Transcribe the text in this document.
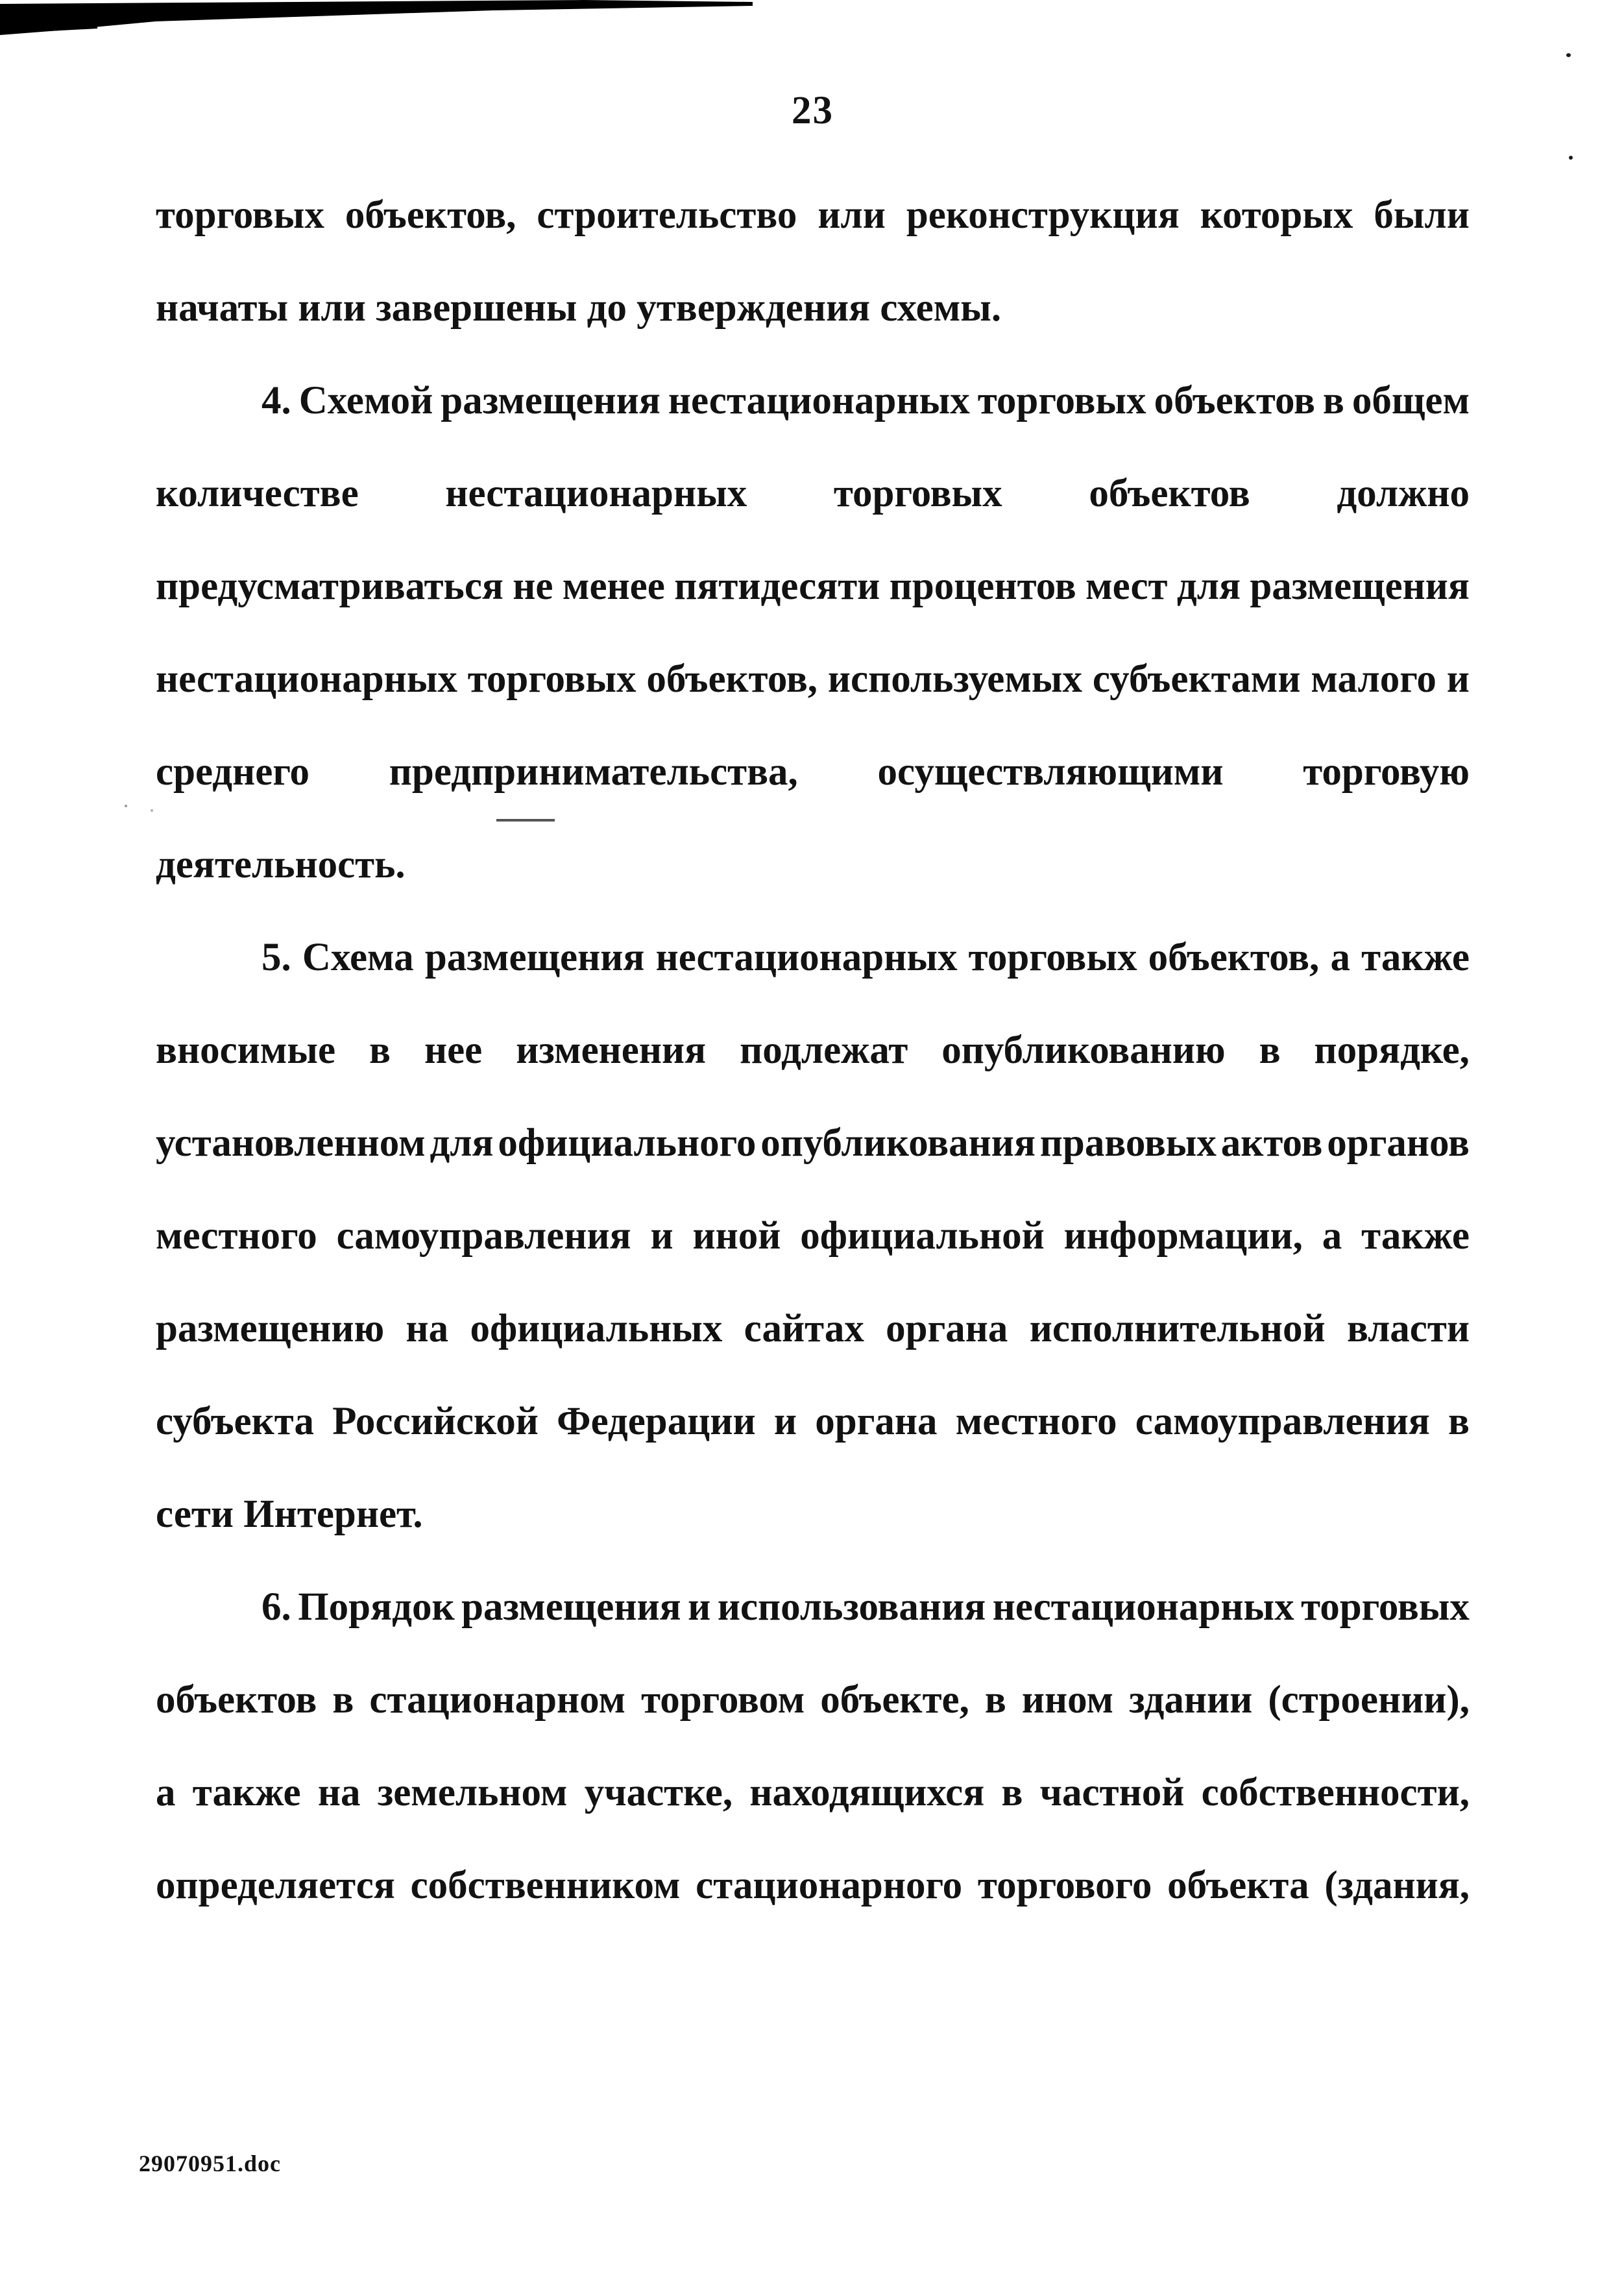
23
торговых объектов, строительство или реконструкция которых были
начаты или завершены до утверждения схемы.
4. Схемой размещения нестационарных торговых объектов в общем
количестве нестационарных торговых объектов должно
предусматриваться не менее пятидесяти процентов мест для размещения
нестационарных торговых объектов, используемых субъектами малого и
среднего предпринимательства, осуществляющими торговую
деятельность.
5. Схема размещения нестационарных торговых объектов, а также
вносимые в нее изменения подлежат опубликованию в порядке,
установленном для официального опубликования правовых актов органов
местного самоуправления и иной официальной информации, а также
размещению на официальных сайтах органа исполнительной власти
субъекта Российской Федерации и органа местного самоуправления в
сети Интернет.
6. Порядок размещения и использования нестационарных торговых
объектов в стационарном торговом объекте, в ином здании (строении),
а также на земельном участке, находящихся в частной собственности,
определяется собственником стационарного торгового объекта (здания,
29070951.doc
